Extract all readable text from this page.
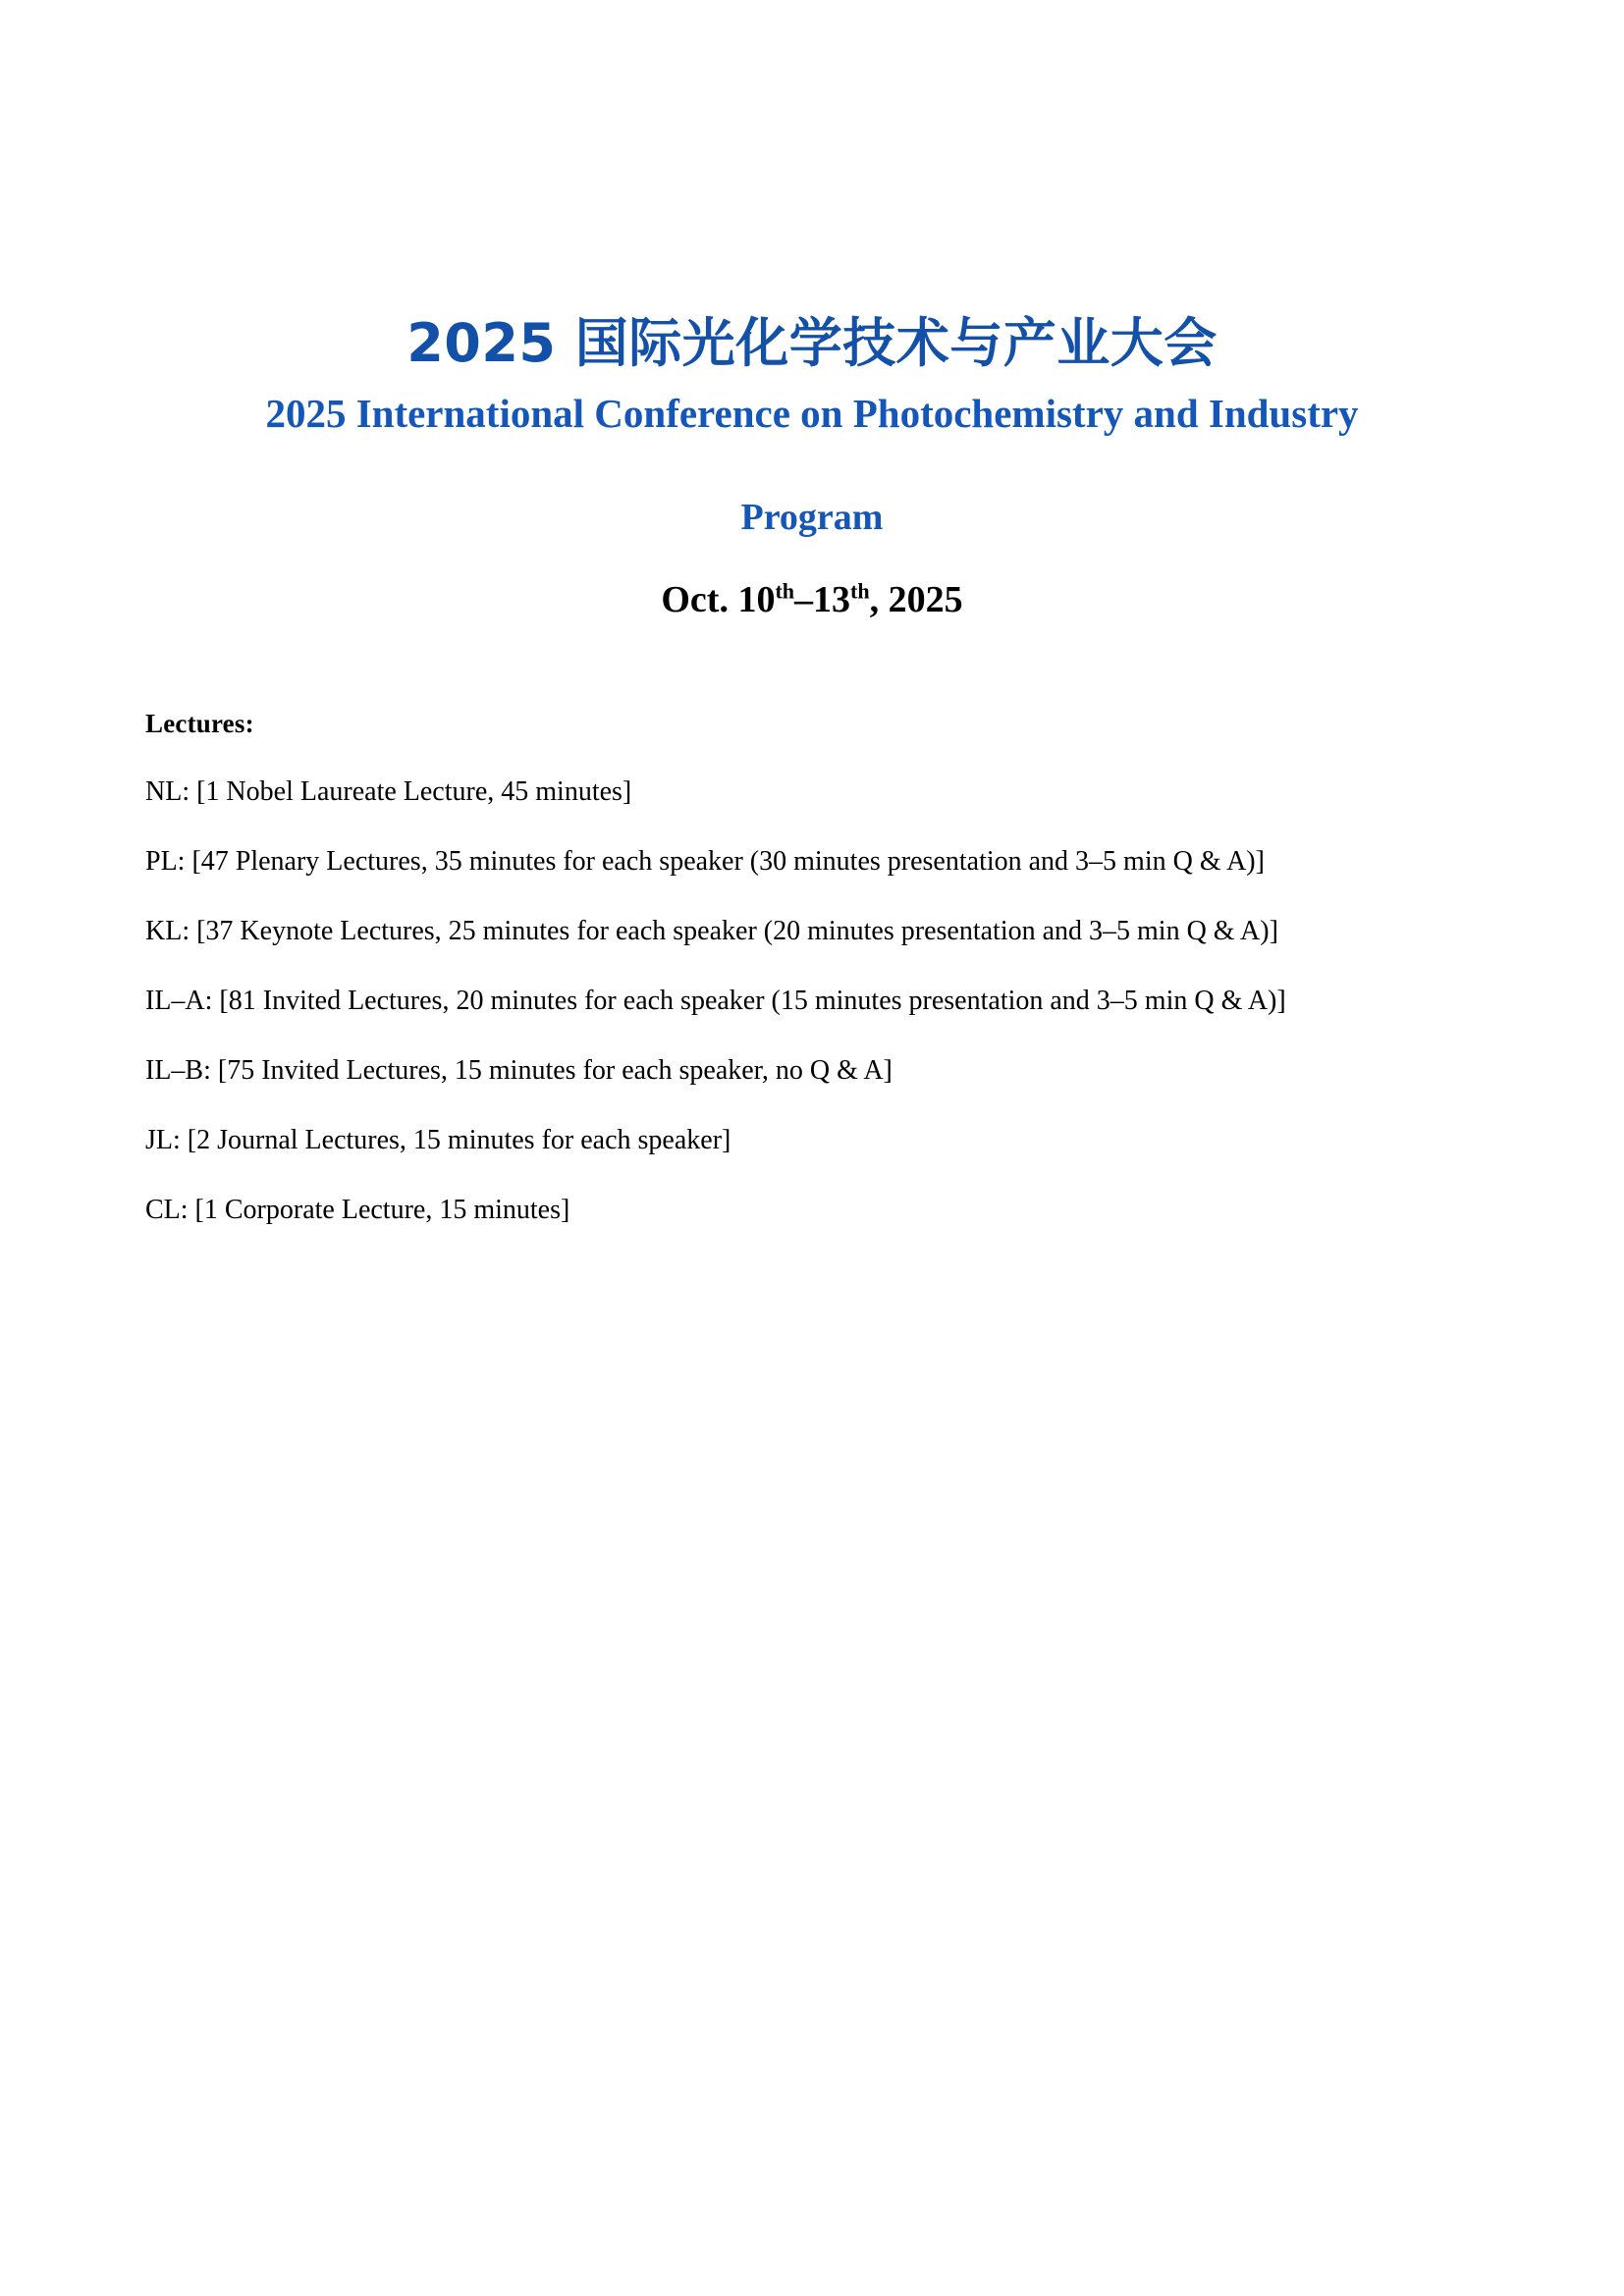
2025 国际光化学技术与产业大会
2025 International Conference on Photochemistry and Industry
Program
Oct. 10th–13th, 2025
Lectures:

NL: [1 Nobel Laureate Lecture, 45 minutes]

PL: [47 Plenary Lectures, 35 minutes for each speaker (30 minutes presentation and 3–5 min Q & A)]

KL: [37 Keynote Lectures, 25 minutes for each speaker (20 minutes presentation and 3–5 min Q & A)]

IL–A: [81 Invited Lectures, 20 minutes for each speaker (15 minutes presentation and 3–5 min Q & A)]

IL–B: [75 Invited Lectures, 15 minutes for each speaker, no Q & A]

JL: [2 Journal Lectures, 15 minutes for each speaker]

CL: [1 Corporate Lecture, 15 minutes]
